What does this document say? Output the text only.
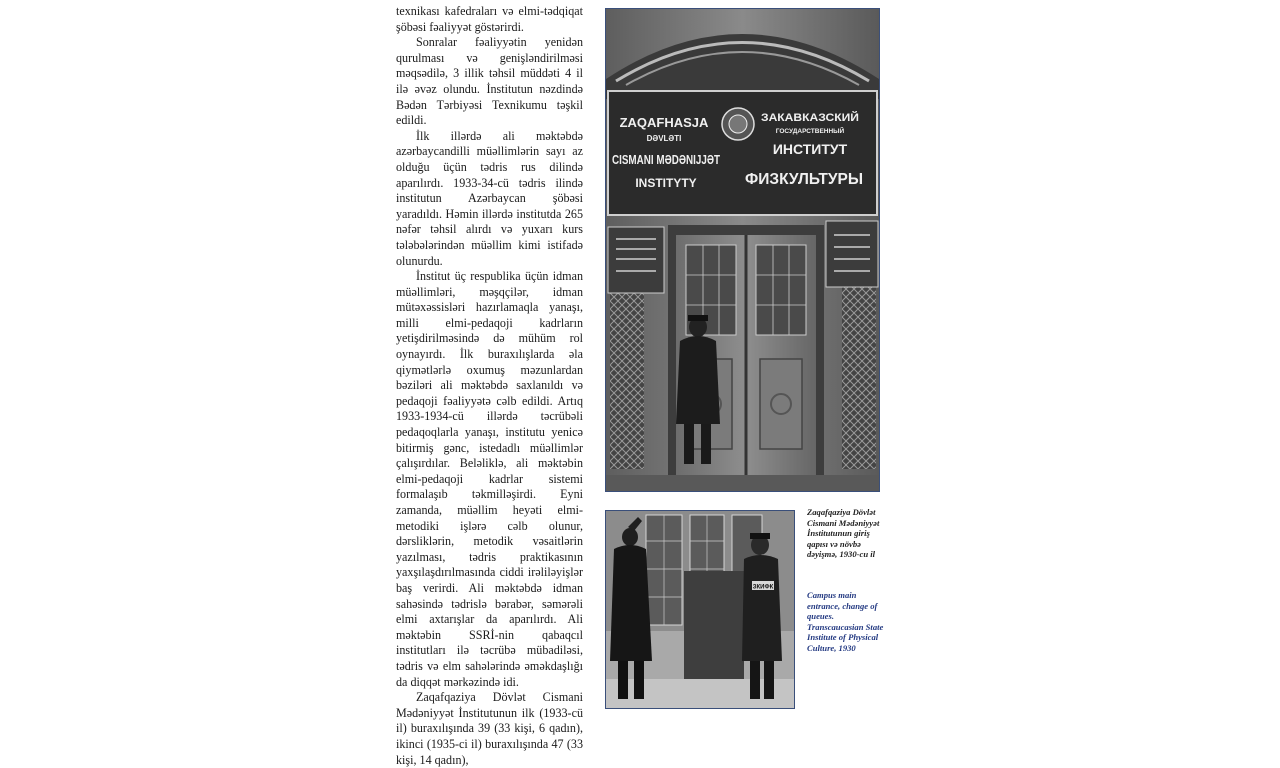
texnikası kafedraları və elmi-tədqiqat şöbəsi fəaliyyət göstərirdi.

Sonralar fəaliyyətin yenidən qurulması və genişləndirilməsi məqsədilə, 3 illik təhsil müddəti 4 il ilə əvəz olundu. İnstitutun nəzdində Bədən Tərbiyəsi Texnikumu təşkil edildi.

İlk illərdə ali məktəbdə azərbaycandilli müəllimlərin sayı az olduğu üçün tədris rus dilində aparılırdı. 1933-34-cü tədris ilində institutun Azərbaycan şöbəsi yaradıldı. Həmin illərdə institutda 265 nəfər təhsil alırdı və yuxarı kurs tələbələrindən müəllim kimi istifadə olunurdu.

İnstitut üç respublika üçün idman müəllimləri, məşqçilər, idman mütəxəssisləri hazırlamaqla yanaşı, milli elmi-pedaqoji kadrların yetişdirilməsində də mühüm rol oynayırdı. İlk buraxılışlarda əla qiymətlərlə oxumuş məzunlardan bəziləri ali məktəbdə saxlanıldı və pedaqoji fəaliyyətə cəlb edildi. Artıq 1933-1934-cü illərdə təcrübəli pedaqoqlarla yanaşı, institutu yenicə bitirmiş gənc, istedadlı müəllimlər çalışırdılar. Beləliklə, ali məktəbin elmi-pedaqoji kadrlar sistemi formalaşıb təkmilləşirdi. Eyni zamanda, müəllim heyəti elmi-metodiki işlərə cəlb olunur, dərsliklərin, metodik vəsaitlərin yazılması, tədris praktikasının yaxşılaşdırılmasında ciddi irəliləyişlər baş verirdi. Ali məktəbdə idman sahəsində tədrislə bərabər, səmərəli elmi axtarışlar da aparılırdı. Ali məktəbin SSRİ-nin qabaqcıl institutları ilə təcrübə mübadiləsi, tədris və elm sahələrində əməkdaşlığı da diqqət mərkəzində idi.

Zaqafqaziya Dövlət Cismani Mədəniyyət İnstitutunun ilk (1933-cü il) buraxılışında 39 (33 kişi, 6 qadın), ikinci (1935-ci il) buraxılışında 47 (33 kişi, 14 qadın),

ZAQAFHASJA
DӘVLӘTI
CISMANI MӘDӘNIJJӘT
INSTITYTY
ЗАКАВКАЗСКИЙ
ГОСУДАРСТВЕННЫЙ
ИНСТИТУТ
ФИЗКУЛЬТУРЫ
ЗКИФК
Zaqafqaziya Dövlət Cismani Mədəniyyət İnstitutunun giriş qapısı və növbə dəyişmə, 1930-cu il
Campus main entrance, change of queues. Transcaucasian State Institute of Physical Culture, 1930
